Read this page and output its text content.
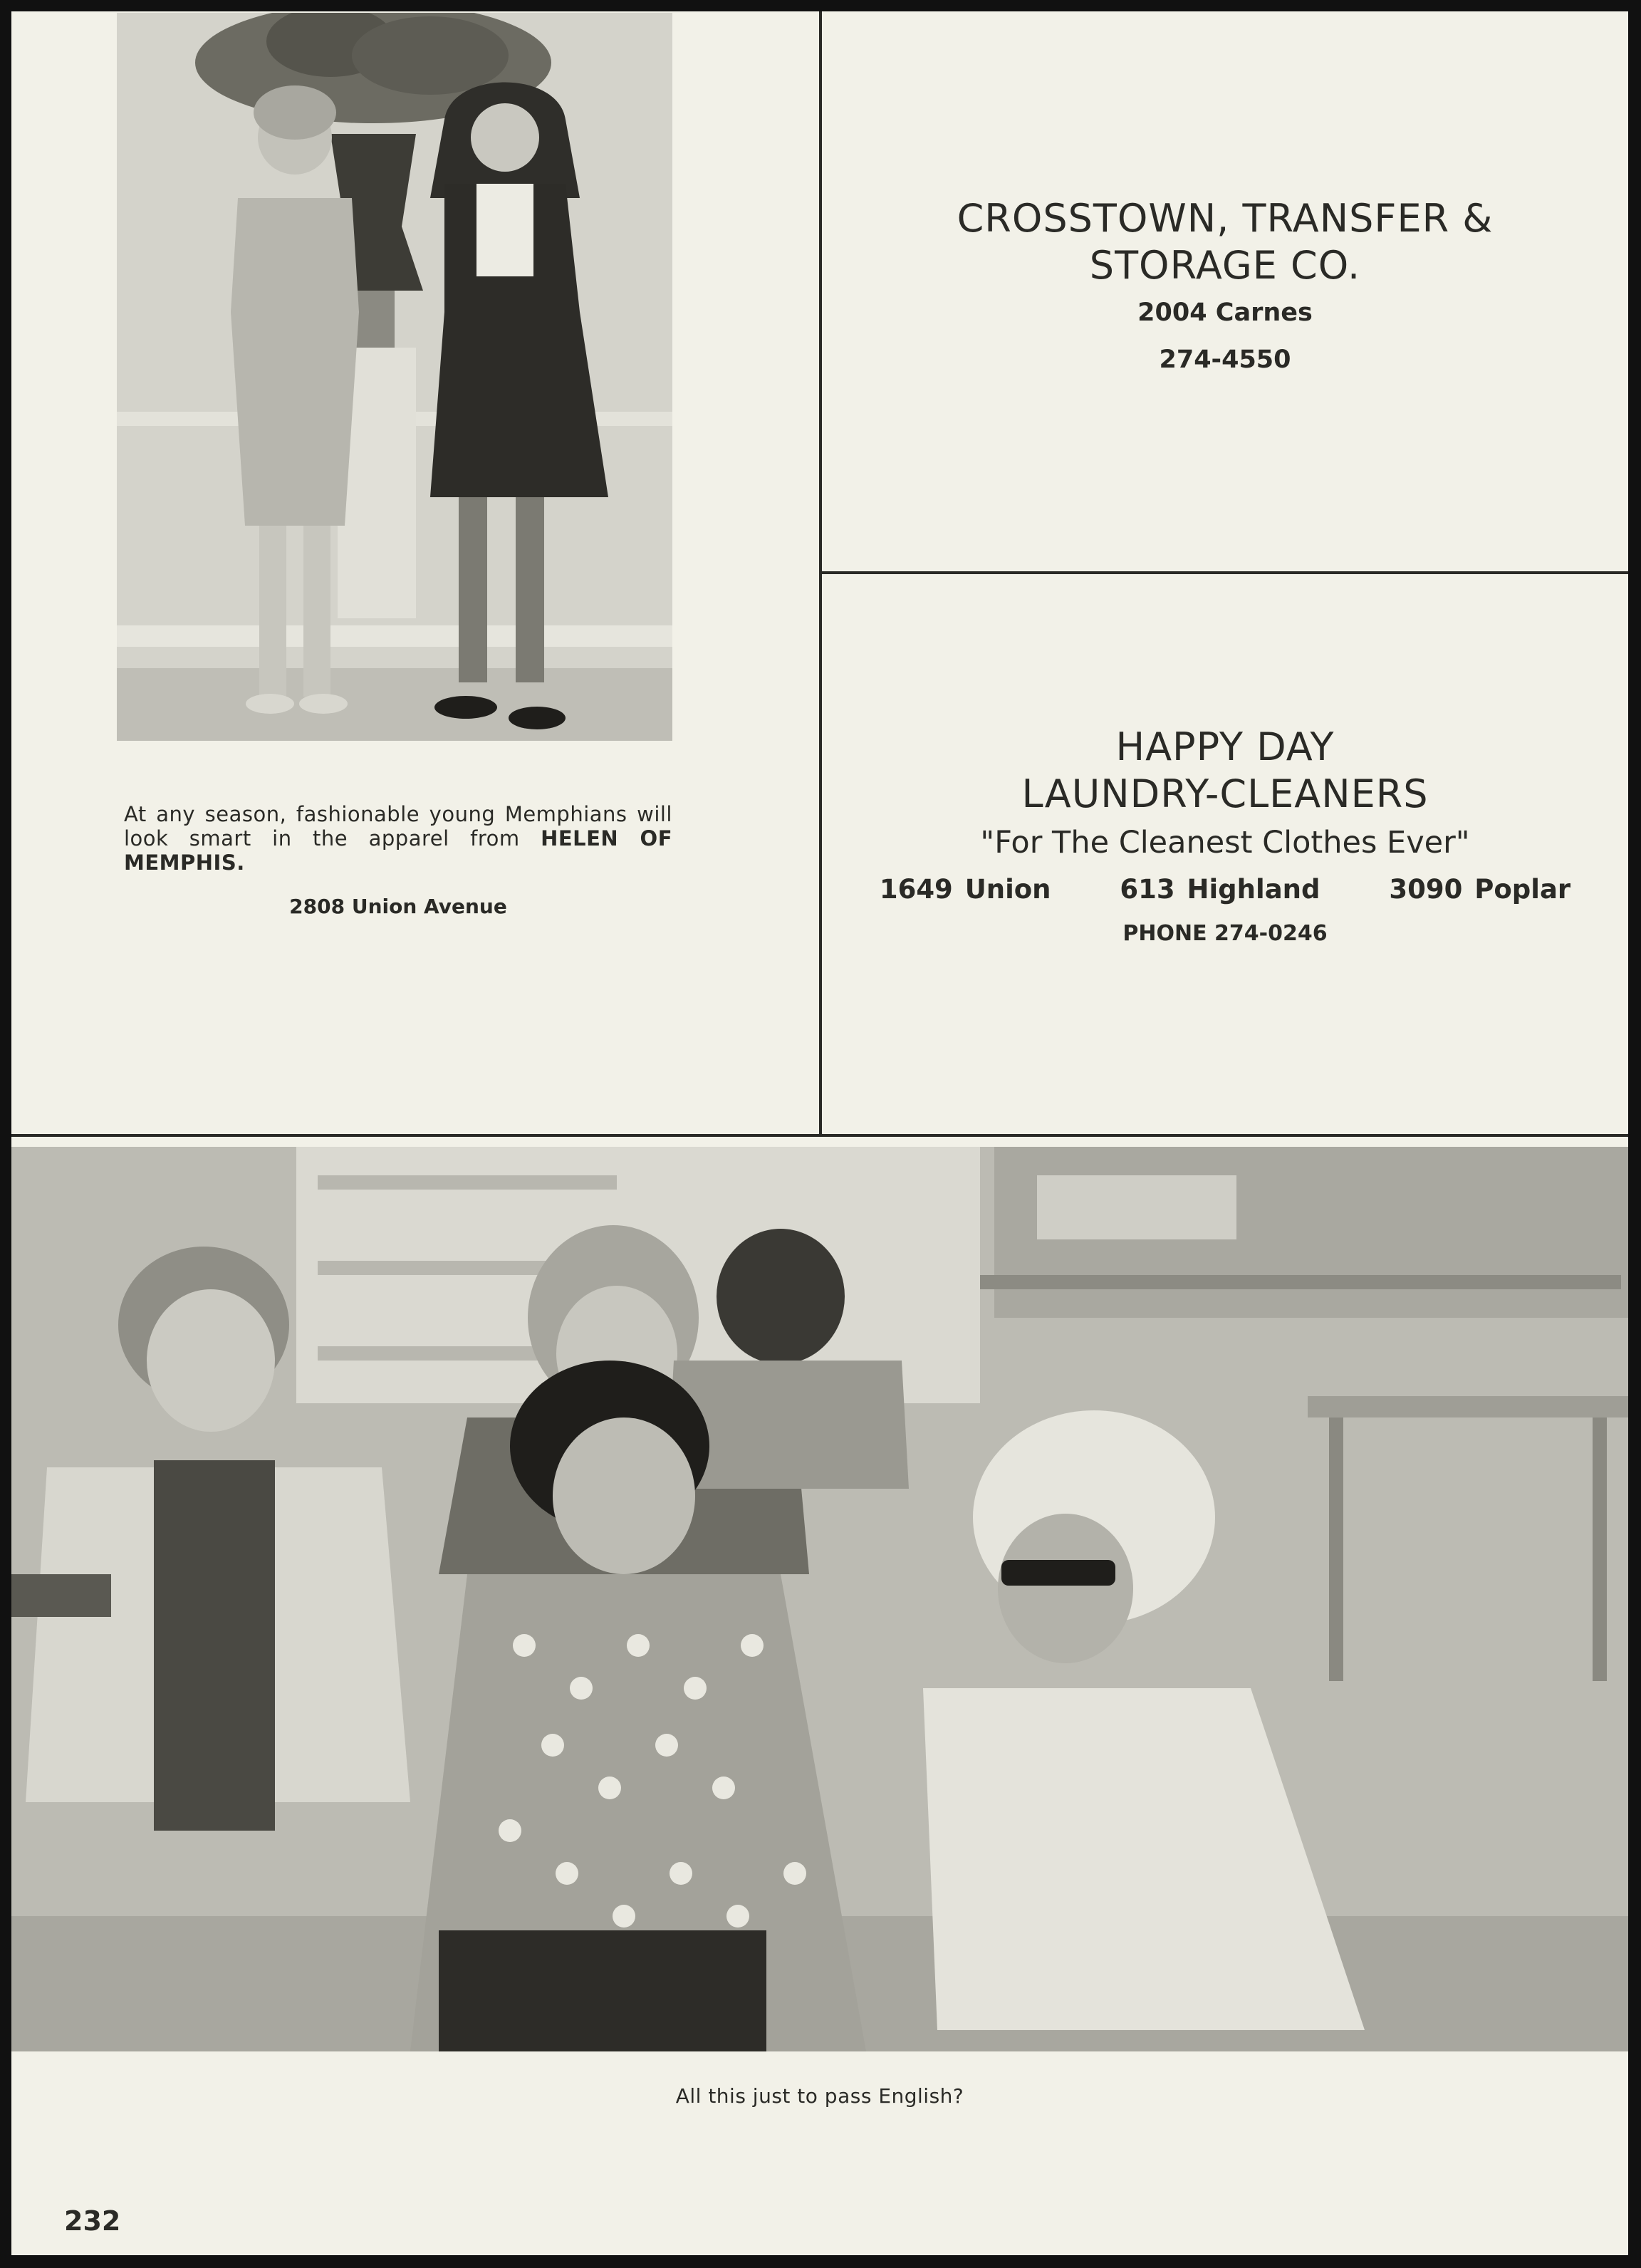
At any season, fashionable young Memphians will look smart in the apparel from HELEN OF MEMPHIS.
2808 Union Avenue
CROSSTOWN, TRANSFER &
STORAGE CO.
2004 Carnes
274-4550
HAPPY DAY
LAUNDRY-CLEANERS
"For The Cleanest Clothes Ever"
1649 Union	613 Highland	3090 Poplar
PHONE 274-0246
All this just to pass English?
232
